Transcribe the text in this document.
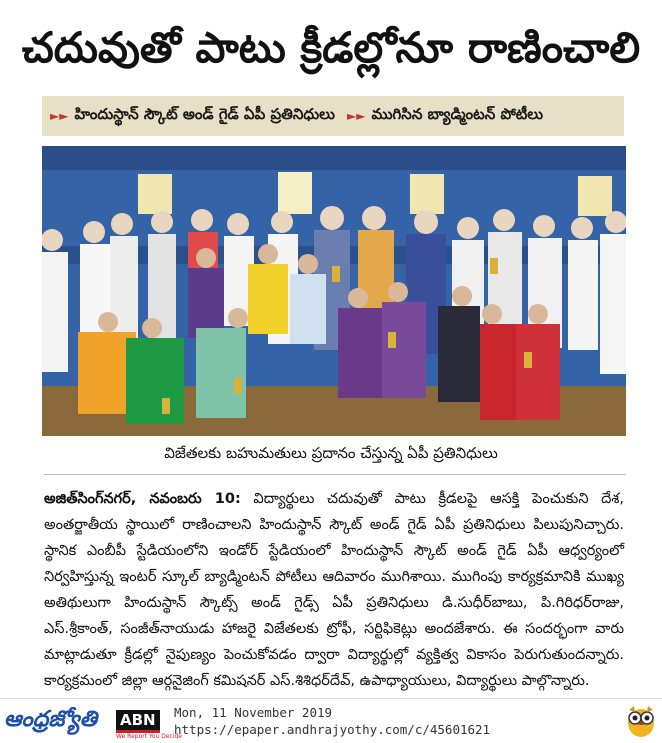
చదువుతో పాటు క్రీడల్లోనూ రాణించాలి
►► హిందుస్థాన్ స్కౌట్ అండ్ గైడ్ ఏపీ ప్రతినిధులు ►► ముగిసిన బ్యాడ్మింటన్ పోటీలు
విజేతలకు బహుమతులు ప్రదానం చేస్తున్న ఏపీ ప్రతినిధులు
అజిత్‌సింగ్‌నగర్, నవంబరు 10: విద్యార్థులు చదువుతో పాటు క్రీడలపై ఆసక్తి పెంచుకుని దేశ, అంతర్జాతీయ స్థాయిలో రాణించాలని హిందుస్థాన్ స్కౌట్ అండ్ గైడ్ ఏపీ ప్రతినిధులు పిలుపునిచ్చారు. స్థానిక ఎంబీపీ స్టేడియంలోని ఇండోర్ స్టేడియంలో హిందుస్థాన్ స్కౌట్ అండ్ గైడ్ ఏపీ ఆధ్వర్యంలో నిర్వహిస్తున్న ఇంటర్ స్కూల్ బ్యాడ్మింటన్ పోటీలు ఆదివారం ముగిశాయి. ముగింపు కార్యక్రమానికి ముఖ్య అతిథులుగా హిందుస్థాన్ స్కౌట్స్ అండ్ గైడ్స్ ఏపీ ప్రతినిధులు డి.సుధీర్‌బాబు, పి.గిరిధర్‌రాజు, ఎస్.శ్రీకాంత్, సంజీత్‌నాయుడు హాజరై విజేతలకు ట్రోఫీ, సర్టిఫికెట్లు అందజేశారు. ఈ సందర్భంగా వారు మాట్లాడుతూ క్రీడల్లో నైపుణ్యం పెంచుకోవడం ద్వారా విద్యార్థుల్లో వ్యక్తిత్వ వికాసం పెరుగుతుందన్నారు. కార్యక్రమంలో జిల్లా ఆర్గనైజింగ్ కమిషనర్ ఎస్.శిశిధర్‌దేవ్, ఉపాధ్యాయులు, విద్యార్థులు పాల్గొన్నారు.
ఆంధ్రజ్యోతి ABN
We Report You Decide
Mon, 11 November 2019
https://epaper.andhrajyothy.com/c/45601621
